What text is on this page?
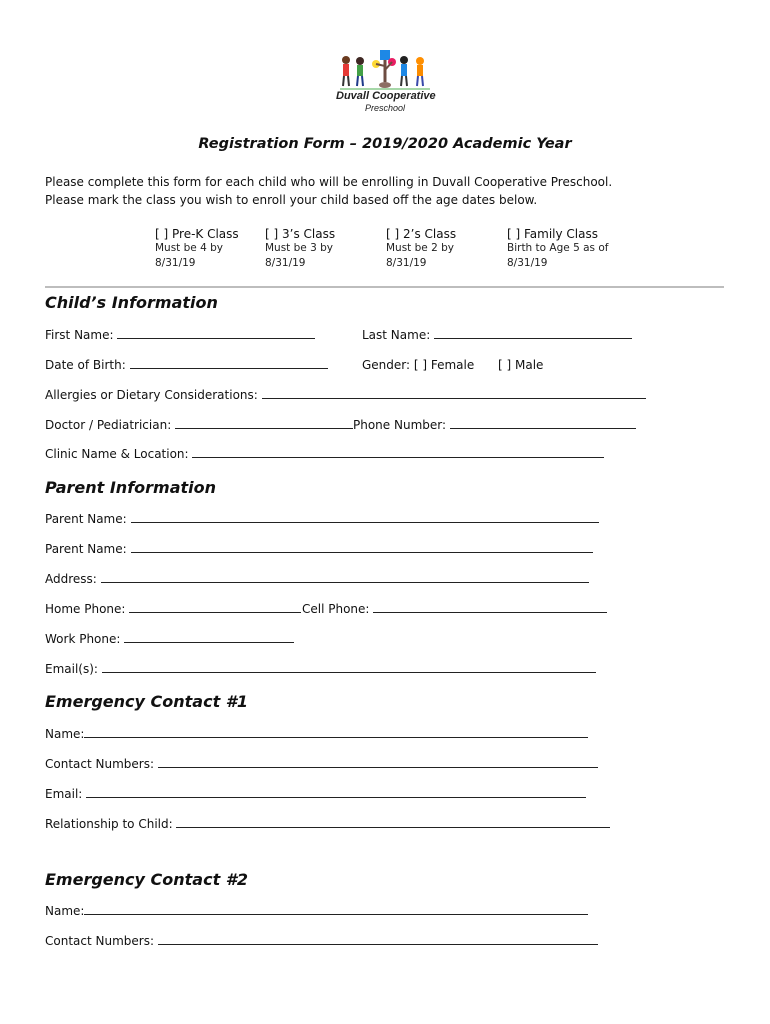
Duvall Cooperative
Preschool
Registration Form – 2019/2020 Academic Year
Please complete this form for each child who will be enrolling in Duvall Cooperative Preschool.
Please mark the class you wish to enroll your child based off the age dates below.
[ ] Pre-K Class
Must be 4 by
8/31/19
[ ] 3’s Class
Must be 3 by
8/31/19
[ ] 2’s Class
Must be 2 by
8/31/19
[ ] Family Class
Birth to Age 5 as of
8/31/19
Child’s Information
First Name:	Last Name:
Date of Birth:	Gender: [ ] Female [ ] Male
Allergies or Dietary Considerations:
Doctor / Pediatrician:	Phone Number:
Clinic Name & Location:
Parent Information
Parent Name:
Parent Name:
Address:
Home Phone:	Cell Phone:
Work Phone:
Email(s):
Emergency Contact #1
Name:
Contact Numbers:
Email:
Relationship to Child:
Emergency Contact #2
Name:
Contact Numbers:
